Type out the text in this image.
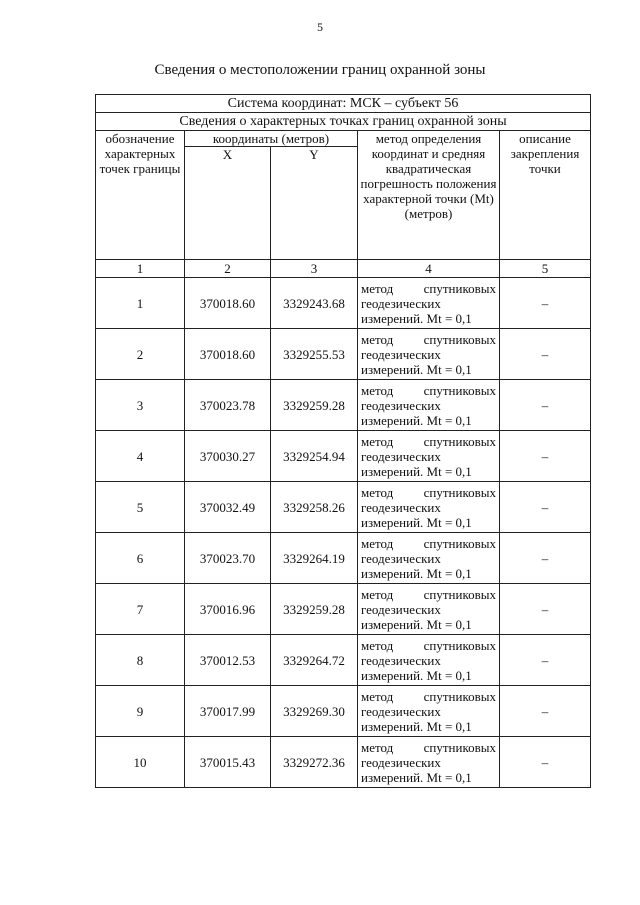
5
Сведения о местоположении границ охранной зоны
Система координат: МСК – субъект 56				
Сведения о характерных точках границ охранной зоны				
обозначение характерных точек границы	координаты (метров)		метод определения координат и средняя квадратическая погрешность положения характерной точки (Mt) (метров)	описание закрепления точки
	X	Y		
1	2	3	4	5
1	370018.60	3329243.68	метод спутниковых
геодезических
измерений. Mt = 0,1	–
2	370018.60	3329255.53	метод спутниковых
геодезических
измерений. Mt = 0,1	–
3	370023.78	3329259.28	метод спутниковых
геодезических
измерений. Mt = 0,1	–
4	370030.27	3329254.94	метод спутниковых
геодезических
измерений. Mt = 0,1	–
5	370032.49	3329258.26	метод спутниковых
геодезических
измерений. Mt = 0,1	–
6	370023.70	3329264.19	метод спутниковых
геодезических
измерений. Mt = 0,1	–
7	370016.96	3329259.28	метод спутниковых
геодезических
измерений. Mt = 0,1	–
8	370012.53	3329264.72	метод спутниковых
геодезических
измерений. Mt = 0,1	–
9	370017.99	3329269.30	метод спутниковых
геодезических
измерений. Mt = 0,1	–
10	370015.43	3329272.36	метод спутниковых
геодезических
измерений. Mt = 0,1	–
